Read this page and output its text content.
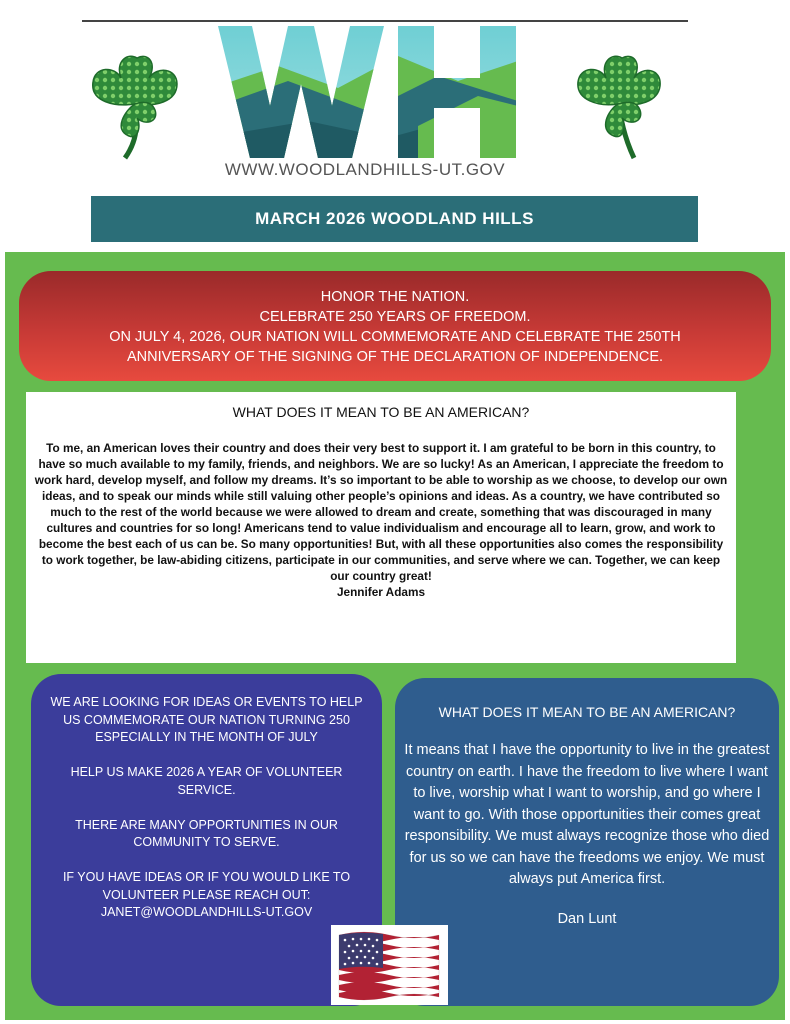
WWW.WOODLANDHILLS-UT.GOV
MARCH 2026 WOODLAND HILLS
HONOR THE NATION.
CELEBRATE 250 YEARS OF FREEDOM.
ON JULY 4, 2026, OUR NATION WILL COMMEMORATE AND CELEBRATE THE 250TH
ANNIVERSARY OF THE SIGNING OF THE DECLARATION OF INDEPENDENCE.
WHAT DOES IT MEAN TO BE AN AMERICAN?
To me, an American loves their country and does their very best to support it. I am grateful to be born in this country, to have so much available to my family, friends, and neighbors. We are so lucky! As an American, I appreciate the freedom to work hard, develop myself, and follow my dreams. It’s so important to be able to worship as we choose, to develop our own ideas, and to speak our minds while still valuing other people’s opinions and ideas. As a country, we have contributed so much to the rest of the world because we were allowed to dream and create, something that was discouraged in many cultures and countries for so long! Americans tend to value individualism and encourage all to learn, grow, and work to become the best each of us can be. So many opportunities! But, with all these opportunities also comes the responsibility to work together, be law-abiding citizens, participate in our communities, and serve where we can. Together, we can keep our country great!
Jennifer Adams

WE ARE LOOKING FOR IDEAS OR EVENTS TO HELP US COMMEMORATE OUR NATION TURNING 250
ESPECIALLY IN THE MONTH OF JULY

HELP US MAKE 2026 A YEAR OF VOLUNTEER SERVICE.

THERE ARE MANY OPPORTUNITIES IN OUR COMMUNITY TO SERVE.

IF YOU HAVE IDEAS OR IF YOU WOULD LIKE TO VOLUNTEER PLEASE REACH OUT:
JANET@WOODLANDHILLS-UT.GOV

WHAT DOES IT MEAN TO BE AN AMERICAN?
It means that I have the opportunity to live in the greatest country on earth. I have the freedom to live where I want to live, worship what I want to worship, and go where I want to go. With those opportunities their comes great responsibility. We must always recognize those who died for us so we can have the freedoms we enjoy. We must always put America first.
Dan Lunt
